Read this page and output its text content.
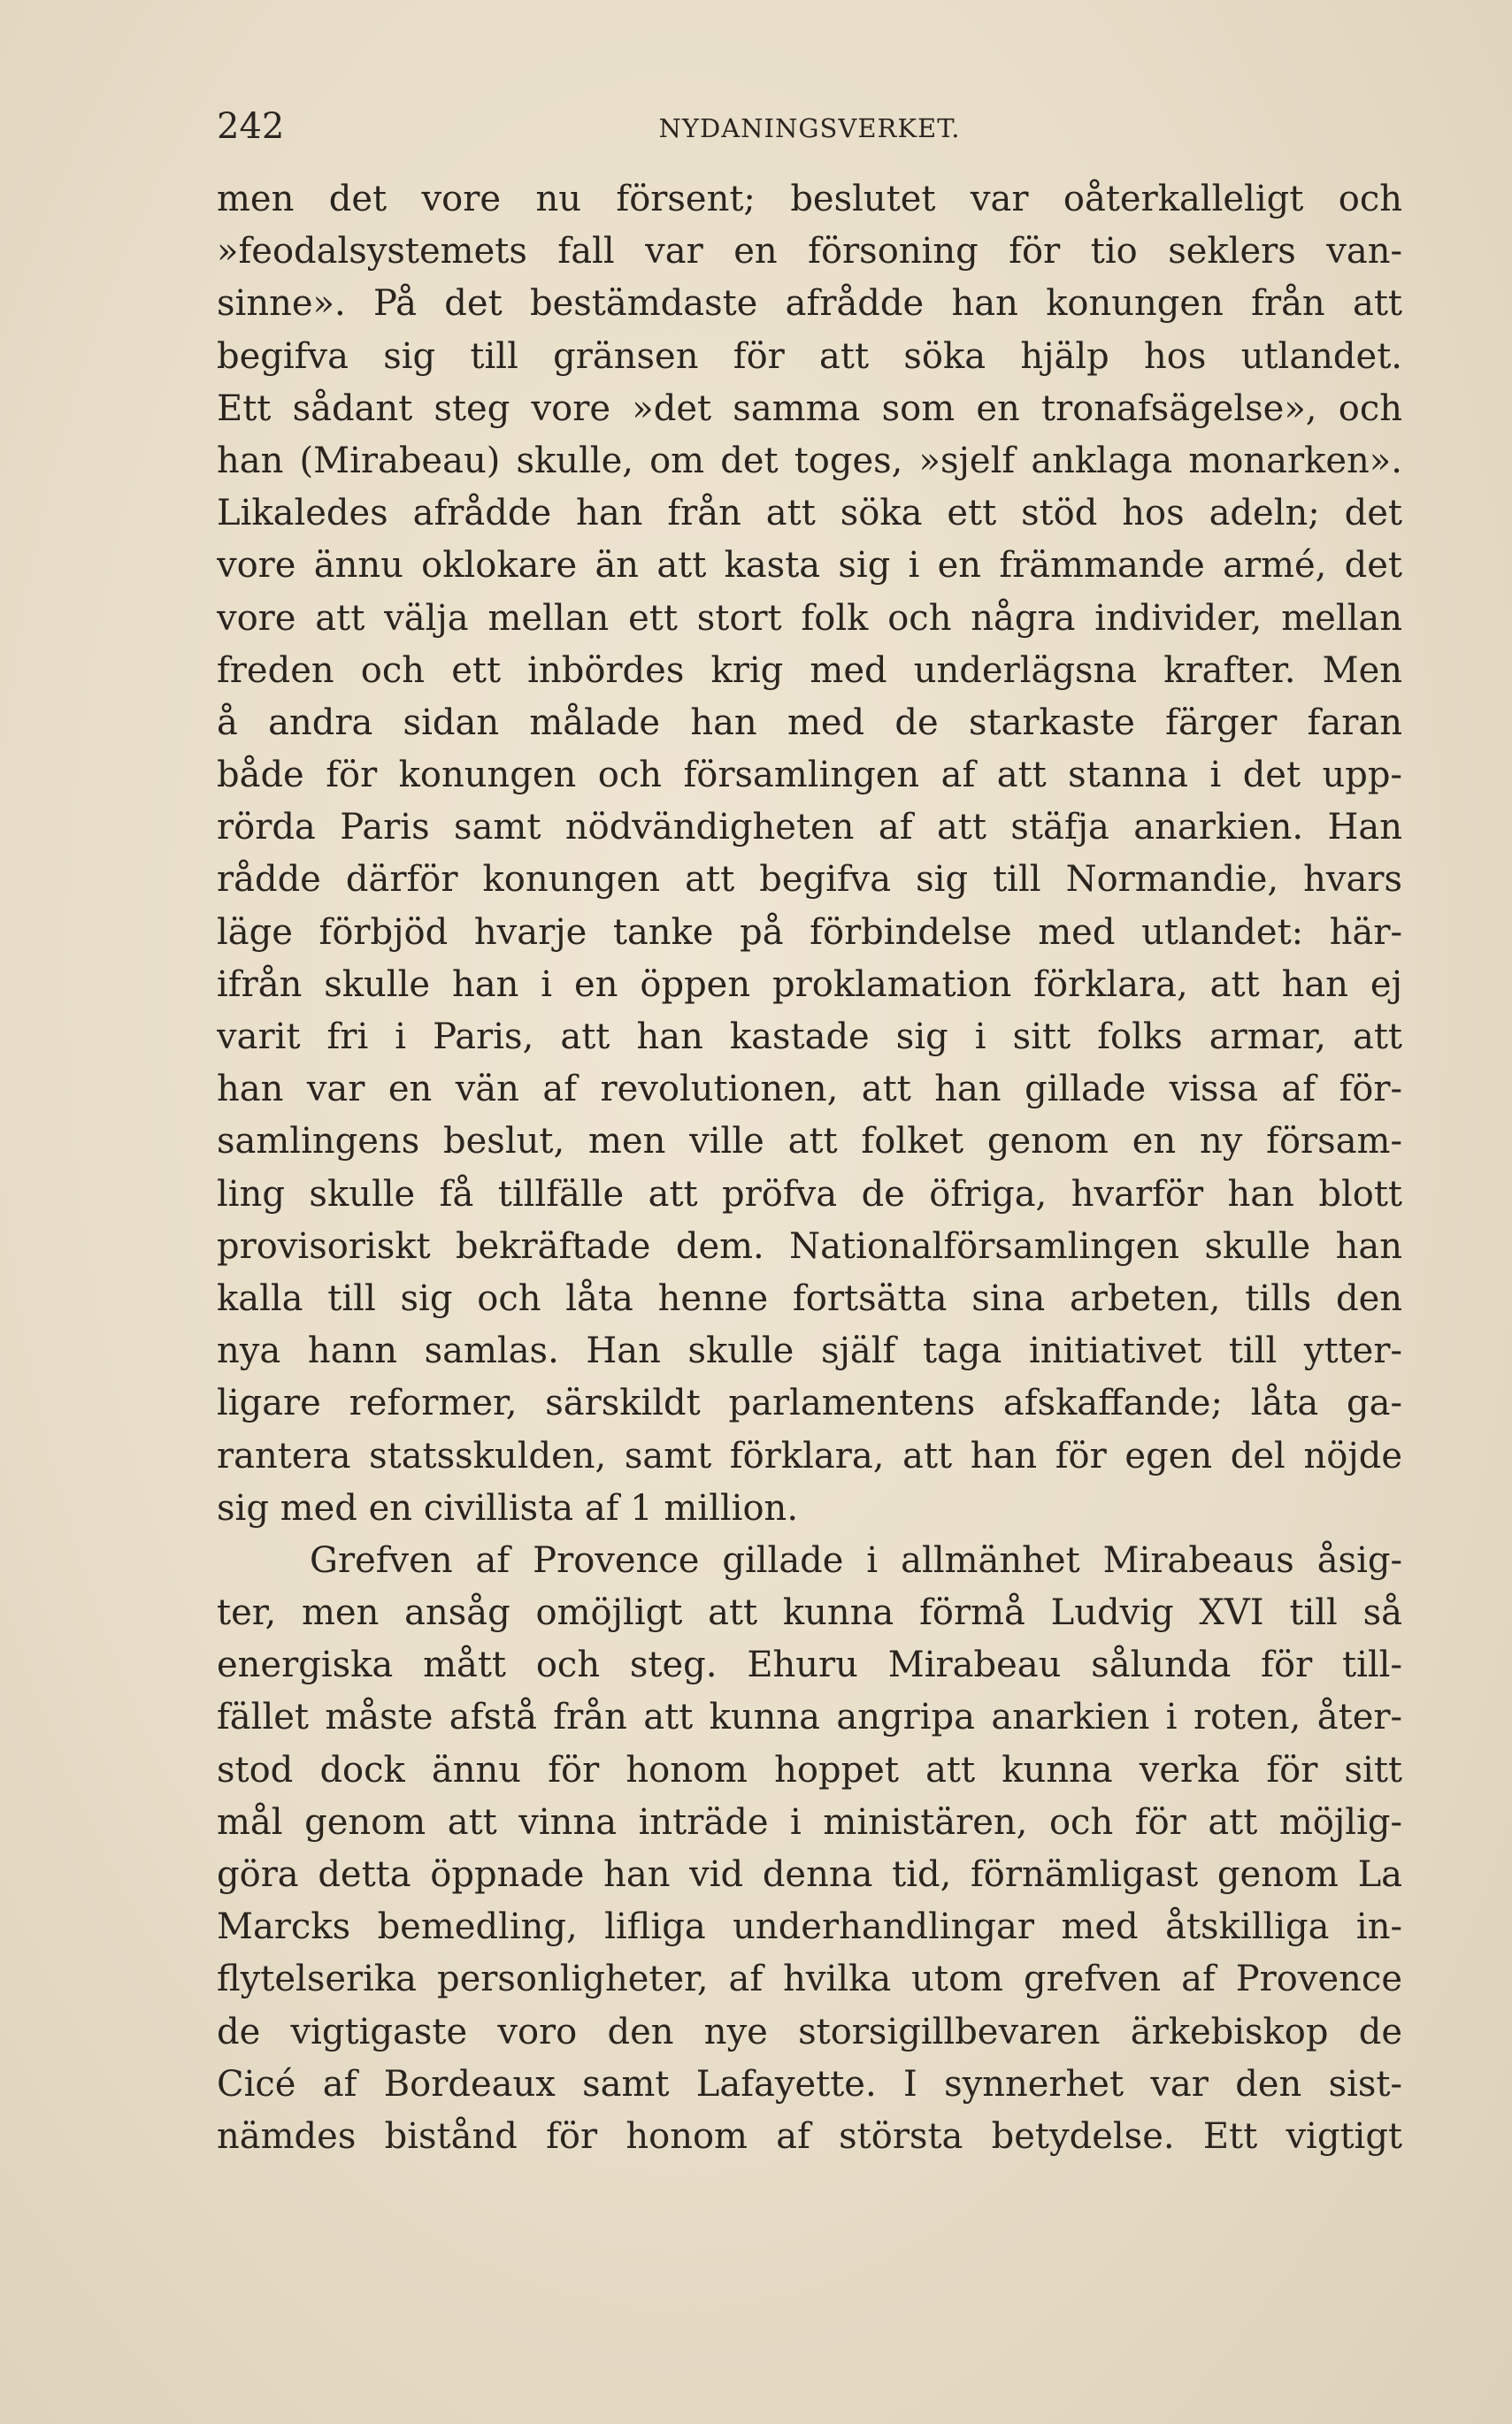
242	NYDANINGSVERKET.
men det vore nu försent; beslutet var oåterkalleligt och
»feodalsystemets fall var en försoning för tio seklers van-
sinne». På det bestämdaste afrådde han konungen från att
begifva sig till gränsen för att söka hjälp hos utlandet.
Ett sådant steg vore »det samma som en tronafsägelse», och
han (Mirabeau) skulle, om det toges, »sjelf anklaga monarken».
Likaledes afrådde han från att söka ett stöd hos adeln; det
vore ännu oklokare än att kasta sig i en främmande armé, det
vore att välja mellan ett stort folk och några individer, mellan
freden och ett inbördes krig med underlägsna krafter. Men
å andra sidan målade han med de starkaste färger faran
både för konungen och församlingen af att stanna i det upp-
rörda Paris samt nödvändigheten af att stäfja anarkien. Han
rådde därför konungen att begifva sig till Normandie, hvars
läge förbjöd hvarje tanke på förbindelse med utlandet: här-
ifrån skulle han i en öppen proklamation förklara, att han ej
varit fri i Paris, att han kastade sig i sitt folks armar, att
han var en vän af revolutionen, att han gillade vissa af för-
samlingens beslut, men ville att folket genom en ny försam-
ling skulle få tillfälle att pröfva de öfriga, hvarför han blott
provisoriskt bekräftade dem. Nationalförsamlingen skulle han
kalla till sig och låta henne fortsätta sina arbeten, tills den
nya hann samlas. Han skulle själf taga initiativet till ytter-
ligare reformer, särskildt parlamentens afskaffande; låta ga-
rantera statsskulden, samt förklara, att han för egen del nöjde
sig med en civillista af 1 million.
Grefven af Provence gillade i allmänhet Mirabeaus åsig-
ter, men ansåg omöjligt att kunna förmå Ludvig XVI till så
energiska mått och steg. Ehuru Mirabeau sålunda för till-
fället måste afstå från att kunna angripa anarkien i roten, åter-
stod dock ännu för honom hoppet att kunna verka för sitt
mål genom att vinna inträde i ministären, och för att möjlig-
göra detta öppnade han vid denna tid, förnämligast genom La
Marcks bemedling, lifliga underhandlingar med åtskilliga in-
flytelserika personligheter, af hvilka utom grefven af Provence
de vigtigaste voro den nye storsigillbevaren ärkebiskop de
Cicé af Bordeaux samt Lafayette. I synnerhet var den sist-
nämdes bistånd för honom af största betydelse. Ett vigtigt
